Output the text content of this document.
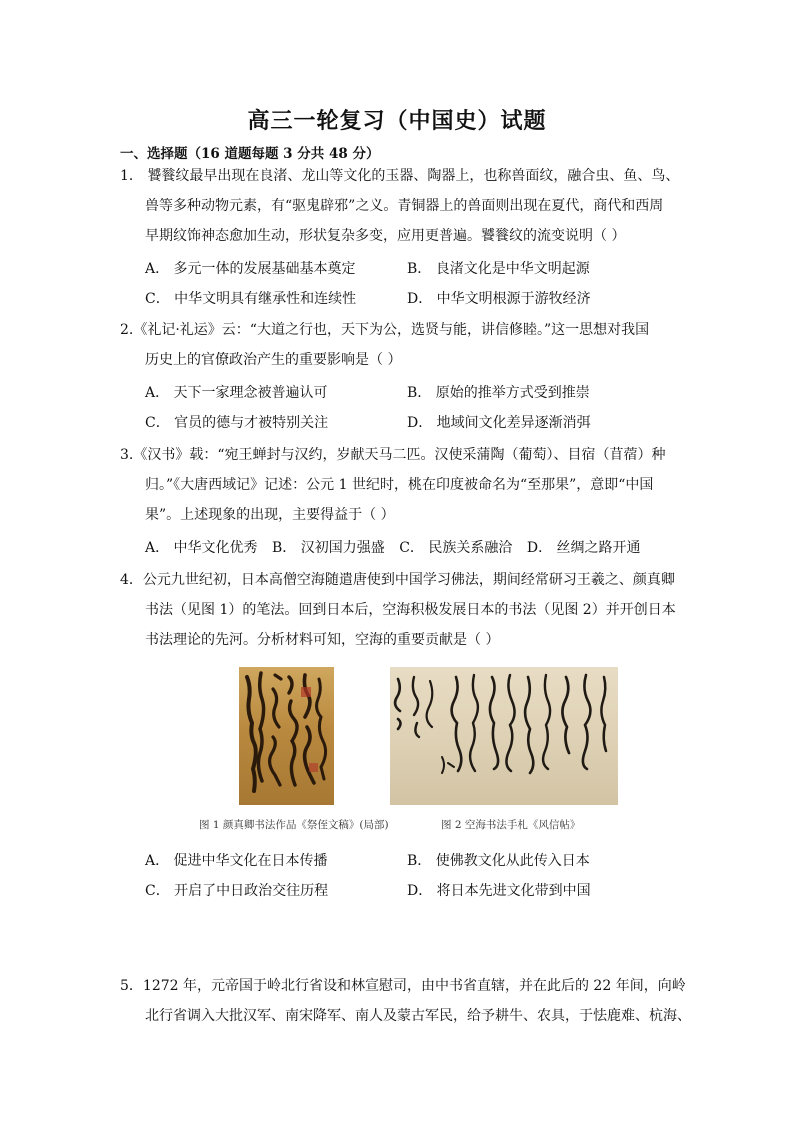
高三一轮复习（中国史）试题
一、选择题（16 道题每题 3 分共 48 分）
1． 饕餮纹最早出现在良渚、龙山等文化的玉器、陶器上，也称兽面纹，融合虫、鱼、鸟、
兽等多种动物元素，有“驱鬼辟邪”之义。青铜器上的兽面则出现在夏代，商代和西周
早期纹饰神态愈加生动，形状复杂多变，应用更普遍。饕餮纹的流变说明（ ）
A． 多元一体的发展基础基本奠定	B． 良渚文化是中华文明起源
C． 中华文明具有继承性和连续性	D． 中华文明根源于游牧经济
2.《礼记·礼运》云：“大道之行也，天下为公，选贤与能，讲信修睦。”这一思想对我国
历史上的官僚政治产生的重要影响是（ ）
A． 天下一家理念被普遍认可	B． 原始的推举方式受到推崇
C． 官员的德与才被特别关注	D． 地域间文化差异逐渐消弭
3.《汉书》载：“宛王蝉封与汉约，岁献天马二匹。汉使采蒲陶（葡萄）、目宿（苜蓿）种
归。”《大唐西域记》记述：公元 1 世纪时，桃在印度被命名为“至那果”，意即“中国
果”。上述现象的出现，主要得益于（ ）
A． 中华文化优秀 B． 汉初国力强盛 C． 民族关系融洽 D． 丝绸之路开通
4．公元九世纪初，日本高僧空海随遣唐使到中国学习佛法，期间经常研习王羲之、颜真卿
书法（见图 1）的笔法。回到日本后，空海积极发展日本的书法（见图 2）并开创日本
书法理论的先河。分析材料可知，空海的重要贡献是（ ）
图 1 颜真卿书法作品《祭侄文稿》(局部)	图 2 空海书法手札《风信帖》
A． 促进中华文化在日本传播	B． 使佛教文化从此传入日本
C． 开启了中日政治交往历程	D． 将日本先进文化带到中国
5．1272 年，元帝国于岭北行省设和林宣慰司，由中书省直辖，并在此后的 22 年间，向岭
北行省调入大批汉军、南宋降军、南人及蒙古军民，给予耕牛、农具，于怯鹿难、杭海、
